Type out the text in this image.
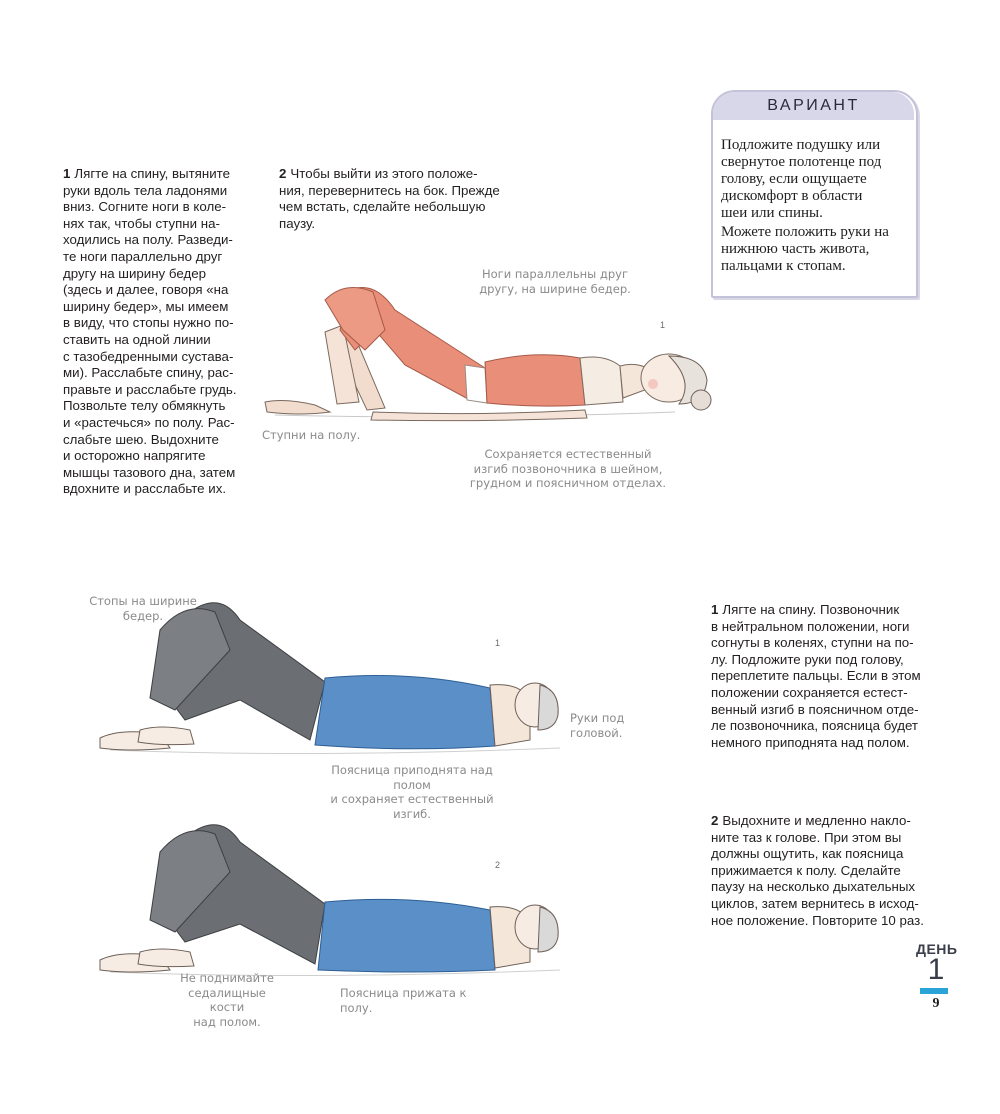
ВАРИАНТ
Подложите подушку или
свернутое полотенце под
голову, если ощущаете
дискомфорт в области
шеи или спины.
Можете положить руки на
нижнюю часть живота,
пальцами к стопам.
1 Лягте на спину, вытяните
руки вдоль тела ладонями
вниз. Согните ноги в коле-
нях так, чтобы ступни на-
ходились на полу. Разведи-
те ноги параллельно друг
другу на ширину бедер
(здесь и далее, говоря «на
ширину бедер», мы имеем
в виду, что стопы нужно по-
ставить на одной линии
с тазобедренными сустава-
ми). Расслабьте спину, рас-
правьте и расслабьте грудь.
Позвольте телу обмякнуть
и «растечься» по полу. Рас-
слабьте шею. Выдохните
и осторожно напрягите
мышцы тазового дна, затем
вдохните и расслабьте их.
2 Чтобы выйти из этого положе-
ния, перевернитесь на бок. Прежде
чем встать, сделайте небольшую
паузу.
1
Ноги параллельны друг
другу, на ширине бедер.
Ступни на полу.
Сохраняется естественный
изгиб позвоночника в шейном,
грудном и поясничном отделах.
1
Стопы на ширине
бедер.
Руки под головой.
Поясница приподнята над полом
и сохраняет естественный изгиб.
2
Не поднимайте
седалищные кости
над полом.
Поясница прижата к полу.
1 Лягте на спину. Позвоночник
в нейтральном положении, ноги
согнуты в коленях, ступни на по-
лу. Подложите руки под голову,
переплетите пальцы. Если в этом
положении сохраняется естест-
венный изгиб в поясничном отде-
ле позвоночника, поясница будет
немного приподнята над полом.
2 Выдохните и медленно накло-
ните таз к голове. При этом вы
должны ощутить, как поясница
прижимается к полу. Сделайте
паузу на несколько дыхательных
циклов, затем вернитесь в исход-
ное положение. Повторите 10 раз.
ДЕНЬ
1
9
